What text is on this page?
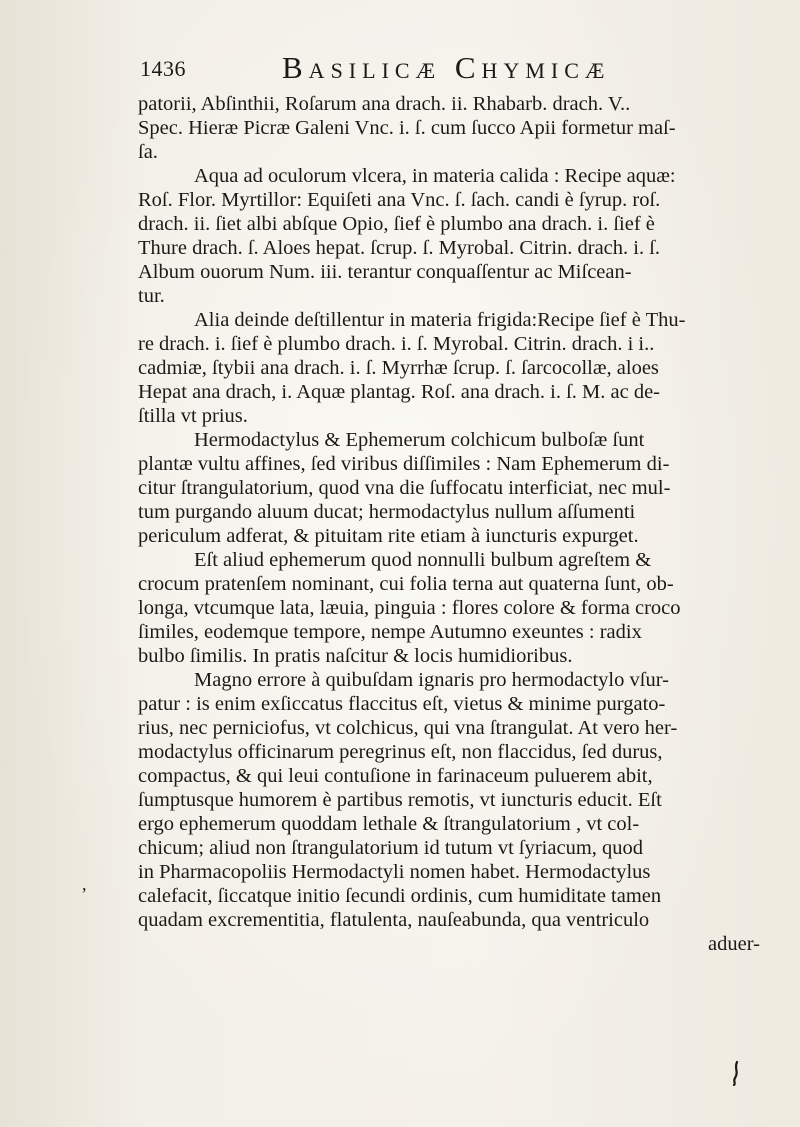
1436	Basilicæ Chymicæ
patorii, Abſinthii, Roſarum ana drach. ii. Rhabarb. drach. V..
Spec. Hieræ Picræ Galeni Vnc. i. ſ. cum ſucco Apii formetur maſ-
ſa.
Aqua ad oculorum vlcera, in materia calida : Recipe aquæ:
Roſ. Flor. Myrtillor: Equiſeti ana Vnc. ſ. ſach. candi è ſyrup. roſ.
drach. ii. ſiet albi abſque Opio, ſief è plumbo ana drach. i. ſief è
Thure drach. ſ. Aloes hepat. ſcrup. ſ. Myrobal. Citrin. drach. i. ſ.
Album ouorum Num. iii. terantur conquaſſentur ac Miſcean-
tur.
Alia deinde deſtillentur in materia frigida:Recipe ſief è Thu-
re drach. i. ſief è plumbo drach. i. ſ. Myrobal. Citrin. drach. i i..
cadmiæ, ſtybii ana drach. i. ſ. Myrrhæ ſcrup. ſ. ſarcocollæ, aloes
Hepat ana drach, i. Aquæ plantag. Roſ. ana drach. i. ſ. M. ac de-
ſtilla vt prius.
Hermodactylus & Ephemerum colchicum bulboſæ ſunt
plantæ vultu affines, ſed viribus diſſimiles : Nam Ephemerum di-
citur ſtrangulatorium, quod vna die ſuffocatu interficiat, nec mul-
tum purgando aluum ducat; hermodactylus nullum aſſumenti
periculum adferat, & pituitam rite etiam à iuncturis expurget.
Eſt aliud ephemerum quod nonnulli bulbum agreſtem &
crocum pratenſem nominant, cui folia terna aut quaterna ſunt, ob-
longa, vtcumque lata, læuia, pinguia : flores colore & forma croco
ſimiles, eodemque tempore, nempe Autumno exeuntes : radix
bulbo ſimilis. In pratis naſcitur & locis humidioribus.
Magno errore à quibuſdam ignaris pro hermodactylo vſur-
patur : is enim exſiccatus flaccitus eſt, vietus & minime purgato-
rius, nec perniciofus, vt colchicus, qui vna ſtrangulat. At vero her-
modactylus officinarum peregrinus eſt, non flaccidus, ſed durus,
compactus, & qui leui contuſione in farinaceum puluerem abit,
ſumptusque humorem è partibus remotis, vt iuncturis educit. Eſt
ergo ephemerum quoddam lethale & ſtrangulatorium , vt col-
chicum; aliud non ſtrangulatorium id tutum vt ſyriacum, quod
in Pharmacopoliis Hermodactyli nomen habet. Hermodactylus
calefacit, ſiccatque initio ſecundi ordinis, cum humiditate tamen
quadam excrementitia, flatulenta, nauſeabunda, qua ventriculo
aduer-
,
